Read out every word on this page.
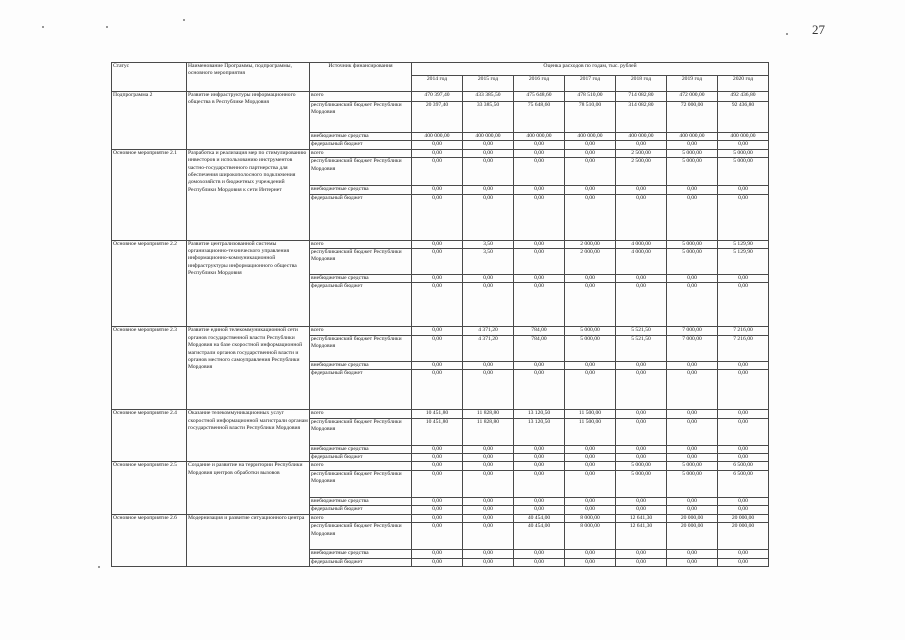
27
Статус	Наименование Программы, подпрограммы, основного мероприятия	Источник финансирования	Оценка расходов по годам, тыс. рублей						
			2014 год	2015 год	2016 год	2017 год	2018 год	2019 год	2020 год
Подпрограмма 2	Развитие инфраструктуры информационного общества в Республике Мордовия	всего	470 397,40	433 385,50	475 648,60	478 510,00	714 082,80	472 000,00	492 436,80
		республиканский бюджет Республики Мордовия	20 397,40	33 385,50	75 648,60	78 510,00	314 082,80	72 000,00	92 436,80
		внебюджетные средства	400 000,00	400 000,00	400 000,00	400 000,00	400 000,00	400 000,00	400 000,00
		федеральный бюджет	0,00	0,00	0,00	0,00	0,00	0,00	0,00
Основное мероприятие 2.1	Разработка и реализация мер по стимулированию инвесторов и использованию инструментов частно-государственного партнерства для обеспечения широкополосного подключения домохозяйств и бюджетных учреждений Республики Мордовия к сети Интернет	всего	0,00	0,00	0,00	0,00	2 500,00	5 000,00	5 000,00
		республиканский бюджет Республики Мордовия	0,00	0,00	0,00	0,00	2 500,00	5 000,00	5 000,00
		внебюджетные средства	0,00	0,00	0,00	0,00	0,00	0,00	0,00
		федеральный бюджет	0,00	0,00	0,00	0,00	0,00	0,00	0,00
Основное мероприятие 2.2	Развитие централизованной системы организационно-технического управления информационно-коммуникационной инфраструктуры информационного общества Республики Мордовия	всего	0,00	3,50	0,00	2 000,00	4 000,00	5 000,00	5 129,90
		республиканский бюджет Республики Мордовия	0,00	3,50	0,00	2 000,00	4 000,00	5 000,00	5 129,90
		внебюджетные средства	0,00	0,00	0,00	0,00	0,00	0,00	0,00
		федеральный бюджет	0,00	0,00	0,00	0,00	0,00	0,00	0,00
Основное мероприятие 2.3	Развитие единой телекоммуникационной сети органов государственной власти Республики Мордовия на базе скоростной информационной магистрали органов государственной власти и органов местного самоуправления Республики Мордовия	всего	0,00	4 371,20	784,00	5 000,00	5 521,50	7 000,00	7 216,00
		республиканский бюджет Республики Мордовия	0,00	4 371,20	784,00	5 000,00	5 521,50	7 000,00	7 216,00
		внебюджетные средства	0,00	0,00	0,00	0,00	0,00	0,00	0,00
		федеральный бюджет	0,00	0,00	0,00	0,00	0,00	0,00	0,00
Основное мероприятие 2.4	Оказание телекоммуникационных услуг скоростной информационной магистрали органам государственной власти Республики Мордовия	всего	10 451,80	11 828,80	13 120,50	11 500,00	0,00	0,00	0,00
		республиканский бюджет Республики Мордовия	10 451,80	11 828,80	13 120,50	11 500,00	0,00	0,00	0,00
		внебюджетные средства	0,00	0,00	0,00	0,00	0,00	0,00	0,00
		федеральный бюджет	0,00	0,00	0,00	0,00	0,00	0,00	0,00
Основное мероприятие 2.5	Создание и развитие на территории Республики Мордовия центров обработки вызовов	всего	0,00	0,00	0,00	0,00	5 000,00	5 000,00	6 500,00
		республиканский бюджет Республики Мордовия	0,00	0,00	0,00	0,00	5 000,00	5 000,00	6 500,00
		внебюджетные средства	0,00	0,00	0,00	0,00	0,00	0,00	0,00
		федеральный бюджет	0,00	0,00	0,00	0,00	0,00	0,00	0,00
Основное мероприятие 2.6	Модернизация и развитие ситуационного центра	всего	0,00	0,00	40 454,00	8 000,00	12 641,30	20 000,00	20 000,00
		республиканский бюджет Республики Мордовия	0,00	0,00	40 454,00	8 000,00	12 641,30	20 000,00	20 000,00
		внебюджетные средства	0,00	0,00	0,00	0,00	0,00	0,00	0,00
		федеральный бюджет	0,00	0,00	0,00	0,00	0,00	0,00	0,00
